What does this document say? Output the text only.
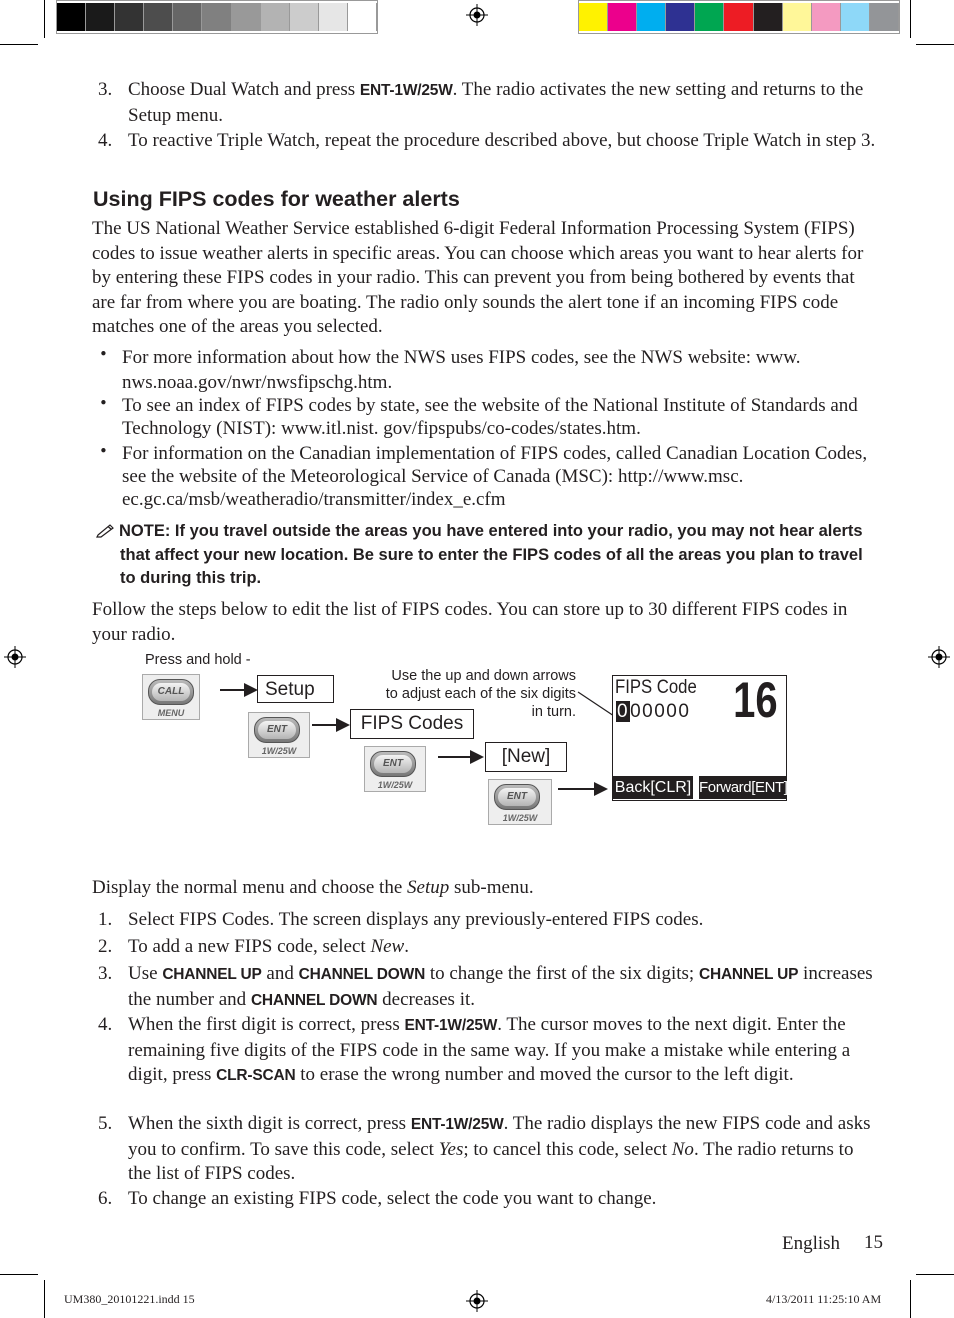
3. Choose Dual Watch and press ENT-1W/25W. The radio activates the new setting and returns to the Setup menu.
4. To reactive Triple Watch, repeat the procedure described above, but choose Triple Watch in step 3.
Using FIPS codes for weather alerts
The US National Weather Service established 6-digit Federal Information Processing System (FIPS) codes to issue weather alerts in specific areas. You can choose which areas you want to hear alerts for by entering these FIPS codes in your radio. This can prevent you from being bothered by events that are far from where you are boating. The radio only sounds the alert tone if an incoming FIPS code matches one of the areas you selected.
• For more information about how the NWS uses FIPS codes, see the NWS website: www. nws.noaa.gov/nwr/nwsfipschg.htm.
• To see an index of FIPS codes by state, see the website of the National Institute of Standards and Technology (NIST): www.itl.nist. gov/fipspubs/co-codes/states.htm.
• For information on the Canadian implementation of FIPS codes, called Canadian Location Codes, see the website of the Meteorological Service of Canada (MSC): http://www.msc. ec.gc.ca/msb/weatheradio/transmitter/index_e.cfm
NOTE: If you travel outside the areas you have entered into your radio, you may not hear alerts that affect your new location. Be sure to enter the FIPS codes of all the areas you plan to travel to during this trip.
Follow the steps below to edit the list of FIPS codes. You can store up to 30 different FIPS codes in your radio.
Press and hold -
CALL
MENU
Setup
ENT
1W/25W
FIPS Codes
ENT
1W/25W
[New]
ENT
1W/25W
Use the up and down arrows to adjust each of the six digits in turn.
FIPS Code 16
000000
Back[CLR] Forward[ENT]
Display the normal menu and choose the Setup sub-menu.
1. Select FIPS Codes. The screen displays any previously-entered FIPS codes.
2. To add a new FIPS code, select New.
3. Use CHANNEL UP and CHANNEL DOWN to change the first of the six digits; CHANNEL UP increases the number and CHANNEL DOWN decreases it.
4. When the first digit is correct, press ENT-1W/25W. The cursor moves to the next digit. Enter the remaining five digits of the FIPS code in the same way. If you make a mistake while entering a digit, press CLR-SCAN to erase the wrong number and moved the cursor to the left digit.
5. When the sixth digit is correct, press ENT-1W/25W. The radio displays the new FIPS code and asks you to confirm. To save this code, select Yes; to cancel this code, select No. The radio returns to the list of FIPS codes.
6. To change an existing FIPS code, select the code you want to change.
English 15
UM380_20101221.indd 15	4/13/2011 11:25:10 AM
